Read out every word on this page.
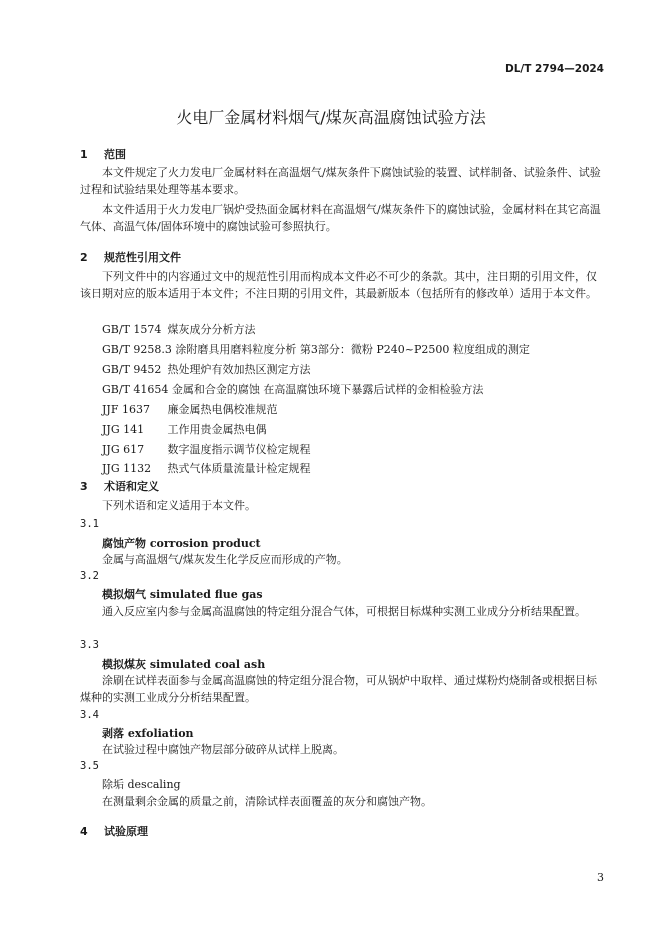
DL/T 2794—2024
火电厂金属材料烟气/煤灰高温腐蚀试验方法
1 范围
本文件规定了火力发电厂金属材料在高温烟气/煤灰条件下腐蚀试验的装置、试样制备、试验条件、试验过程和试验结果处理等基本要求。
本文件适用于火力发电厂锅炉受热面金属材料在高温烟气/煤灰条件下的腐蚀试验，金属材料在其它高温气体、高温气体/固体环境中的腐蚀试验可参照执行。
2 规范性引用文件
下列文件中的内容通过文中的规范性引用而构成本文件必不可少的条款。其中，注日期的引用文件，仅该日期对应的版本适用于本文件；不注日期的引用文件，其最新版本（包括所有的修改单）适用于本文件。
GB/T 1574 煤灰成分分析方法
GB/T 9258.3 涂附磨具用磨料粒度分析 第3部分：微粉 P240~P2500 粒度组成的测定
GB/T 9452 热处理炉有效加热区测定方法
GB/T 41654 金属和合金的腐蚀 在高温腐蚀环境下暴露后试样的金相检验方法
JJF 1637 廉金属热电偶校准规范
JJG 141 工作用贵金属热电偶
JJG 617 数字温度指示调节仪检定规程
JJG 1132 热式气体质量流量计检定规程
3 术语和定义
下列术语和定义适用于本文件。
3.1
腐蚀产物 corrosion product
金属与高温烟气/煤灰发生化学反应而形成的产物。
3.2
模拟烟气 simulated flue gas
通入反应室内参与金属高温腐蚀的特定组分混合气体，可根据目标煤种实测工业成分分析结果配置。
3.3
模拟煤灰 simulated coal ash
涂刷在试样表面参与金属高温腐蚀的特定组分混合物，可从锅炉中取样、通过煤粉灼烧制备或根据目标煤种的实测工业成分分析结果配置。
3.4
剥落 exfoliation
在试验过程中腐蚀产物层部分破碎从试样上脱离。
3.5
除垢 descaling
在测量剩余金属的质量之前，清除试样表面覆盖的灰分和腐蚀产物。
4 试验原理
3
